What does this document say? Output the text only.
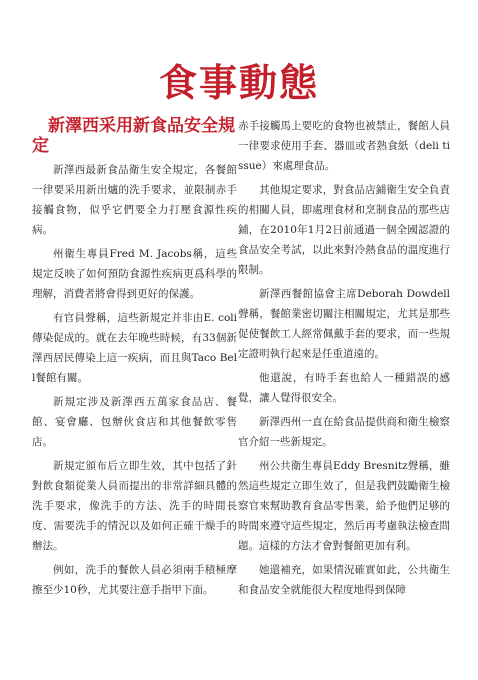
食事動態
新澤西采用新食品安全規定

新澤西最新食品衛生安全規定，各餐館一律要采用新出爐的洗手要求，並限制赤手接觸食物，似乎它們要全力打壓食源性疾病。

州衛生專員Fred M. Jacobs稱，這些規定反映了如何預防食源性疾病更爲科學的理解，消費者將會得到更好的保護。

有官員聲稱，這些新規定并非由E. coli傳染促成的。就在去年晚些時候，有33個新澤西居民傳染上這一疾病，而且與Taco Bell餐館有關。

新規定涉及新澤西五萬家食品店、餐館、宴會廳、包辦伙食店和其他餐飲零售店。

新規定頒布后立即生效，其中包括了針對飲食類從業人員而提出的非常詳細具體的洗手要求，像洗手的方法、洗手的時間長度、需要洗手的情況以及如何正確干燥手的辦法。

例如，洗手的餐飲人員必須兩手積極摩擦至少10秒，尤其要注意手指甲下面。

赤手接觸馬上要吃的食物也被禁止，餐館人員一律要求使用手套、器皿或者熟食紙（deli tissue）來處理食品。

其他規定要求，對食品店鋪衛生安全負責的相關人員，即處理食材和烹制食品的那些店鋪，在2010年1月2日前通過一個全國認證的食品安全考試，以此來對冷熱食品的溫度進行限制。

新澤西餐館協會主席Deborah Dowdell聲稱，餐館業密切關注相關規定，尤其是那些促使餐飲工人經常佩戴手套的要求，而一些規定證明執行起來是任重道遠的。

他還說，有時手套也給人一種錯誤的感覺，讓人覺得很安全。

新澤西州一直在給食品提供商和衛生檢察官介紹一些新規定。

州公共衛生專員Eddy Bresnitz聲稱，雖然這些規定立即生效了，但是我們鼓勵衛生檢察官來幫助教育食品零售業，給予他們足够的時間來遵守這些規定，然后再考慮執法檢查問題。這樣的方法才會對餐館更加有利。

她還補充，如果情況確實如此，公共衛生和食品安全就能很大程度地得到保障
